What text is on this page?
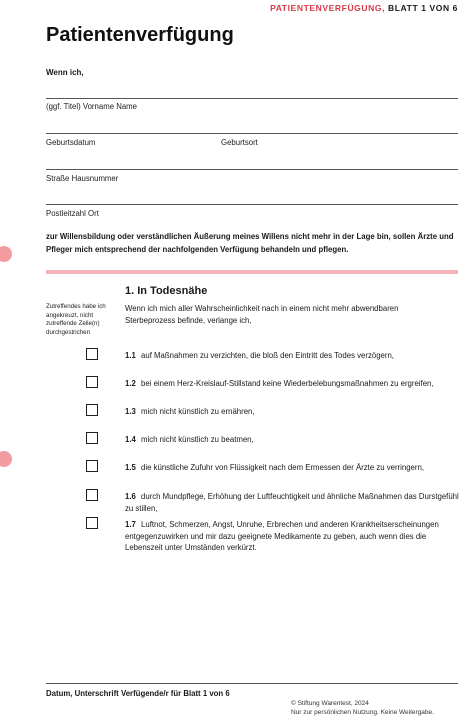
PATIENTENVERFÜGUNG, BLATT 1 VON 6
Patientenverfügung
Wenn ich,
(ggf. Titel) Vorname Name
Geburtsdatum	Geburtsort
Straße Hausnummer
Postleitzahl Ort
zur Willensbildung oder verständlichen Äußerung meines Willens nicht mehr in der Lage bin, sollen Ärzte und Pfleger mich entsprechend der nachfolgenden Verfügung behandeln und pflegen.
Zutreffendes habe ich angekreuzt, nicht zutreffende Zeile(n) durchgestrichen
1. In Todesnähe
Wenn ich mich aller Wahrscheinlichkeit nach in einem nicht mehr abwendbaren Sterbeprozess befinde, verlange ich,
1.1 auf Maßnahmen zu verzichten, die bloß den Eintritt des Todes verzögern,
1.2 bei einem Herz-Kreislauf-Stillstand keine Wiederbelebungsmaßnahmen zu ergreifen,
1.3 mich nicht künstlich zu ernähren,
1.4 mich nicht künstlich zu beatmen,
1.5 die künstliche Zufuhr von Flüssigkeit nach dem Ermessen der Ärzte zu verringern,
1.6 durch Mundpflege, Erhöhung der Luftfeuchtigkeit und ähnliche Maßnahmen das Durstgefühl zu stillen,
1.7 Luftnot, Schmerzen, Angst, Unruhe, Erbrechen und anderen Krankheitserscheinungen entgegenzuwirken und mir dazu geeignete Medikamente zu geben, auch wenn dies die Lebenszeit unter Umständen verkürzt.
Datum, Unterschrift Verfügende/r für Blatt 1 von 6
© Stiftung Warentest, 2024
Nur zur persönlichen Nutzung. Keine Weitergabe.
